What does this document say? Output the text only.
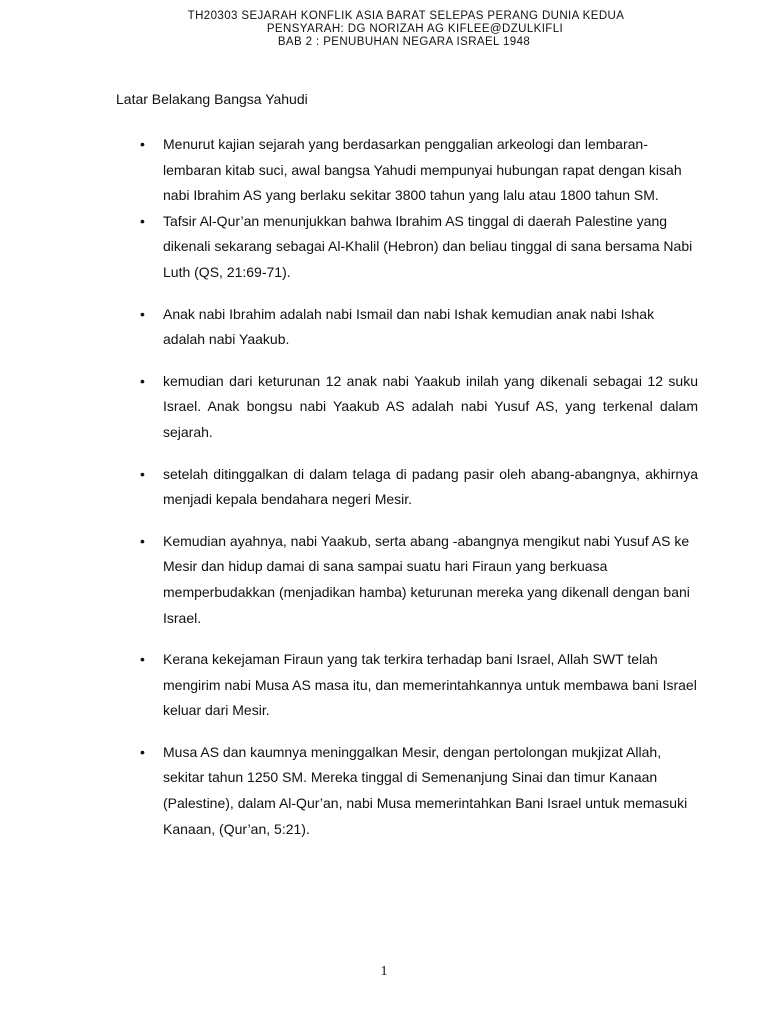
TH20303 SEJARAH KONFLIK ASIA BARAT SELEPAS PERANG DUNIA KEDUA
PENSYARAH: DG NORIZAH AG KIFLEE@DZULKIFLI
BAB 2 : PENUBUHAN NEGARA ISRAEL 1948
Latar Belakang Bangsa Yahudi
• Menurut kajian sejarah yang berdasarkan penggalian arkeologi dan lembaran-lembaran kitab suci, awal bangsa Yahudi mempunyai hubungan rapat dengan kisah nabi Ibrahim AS yang berlaku sekitar 3800 tahun yang lalu atau 1800 tahun SM.
• Tafsir Al-Qur’an menunjukkan bahwa Ibrahim AS tinggal di daerah Palestine yang dikenali sekarang sebagai Al-Khalil (Hebron) dan beliau tinggal di sana bersama Nabi Luth (QS, 21:69-71).
• Anak nabi Ibrahim adalah nabi Ismail dan nabi Ishak kemudian anak nabi Ishak adalah nabi Yaakub.
• kemudian dari keturunan 12 anak nabi Yaakub inilah yang dikenali sebagai 12 suku Israel. Anak bongsu nabi Yaakub AS adalah nabi Yusuf AS, yang terkenal dalam sejarah.
• setelah ditinggalkan di dalam telaga di padang pasir oleh abang-abangnya, akhirnya menjadi kepala bendahara negeri Mesir.
• Kemudian ayahnya, nabi Yaakub, serta abang -abangnya mengikut nabi Yusuf AS ke Mesir dan hidup damai di sana sampai suatu hari Firaun yang berkuasa memperbudakkan (menjadikan hamba) keturunan mereka yang dikenall dengan bani Israel.
• Kerana kekejaman Firaun yang tak terkira terhadap bani Israel, Allah SWT telah mengirim nabi Musa AS masa itu, dan memerintahkannya untuk membawa bani Israel keluar dari Mesir.
• Musa AS dan kaumnya meninggalkan Mesir, dengan pertolongan mukjizat Allah, sekitar tahun 1250 SM. Mereka tinggal di Semenanjung Sinai dan timur Kanaan (Palestine), dalam Al-Qur’an, nabi Musa memerintahkan Bani Israel untuk memasuki Kanaan, (Qur’an, 5:21).
1
